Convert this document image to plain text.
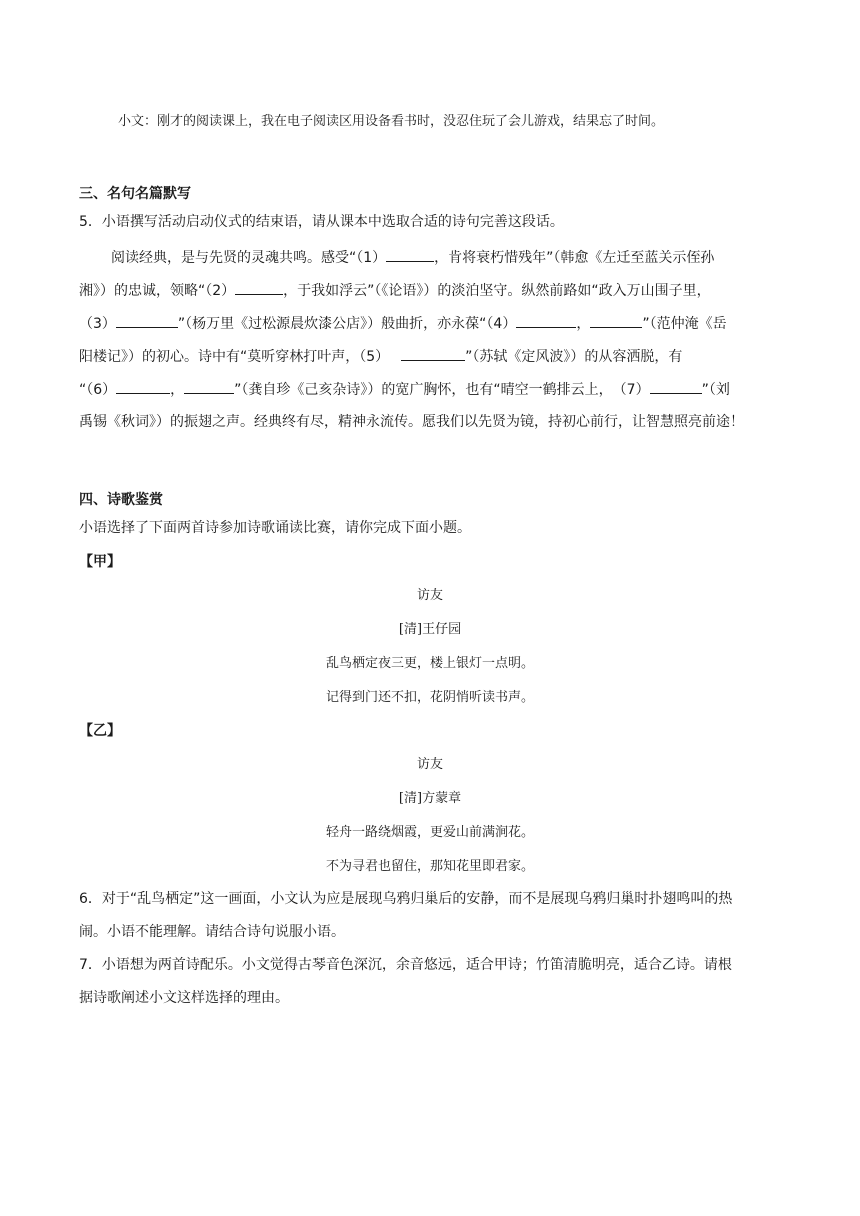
小文：刚才的阅读课上，我在电子阅读区用设备看书时，没忍住玩了会儿游戏，结果忘了时间。
三、名句名篇默写
5．小语撰写活动启动仪式的结束语，请从课本中选取合适的诗句完善这段话。
阅读经典，是与先贤的灵魂共鸣。感受“（1）	，肯将衰朽惜残年”（韩愈《左迁至蓝关示侄孙
湘》）的忠诚，领略“（2）	，于我如浮云”（《论语》）的淡泊坚守。纵然前路如“政入万山围子里，
（3）	”（杨万里《过松源晨炊漆公店》）般曲折，亦永葆“（4）	，	”（范仲淹《岳
阳楼记》）的初心。诗中有“莫听穿林打叶声，（5）	”（苏轼《定风波》）的从容洒脱，有
“（6）	，	”（龚自珍《己亥杂诗》）的宽广胸怀，也有“晴空一鹤排云上，　（7）	”（刘
禹锡《秋词》）的振翅之声。经典终有尽，精神永流传。愿我们以先贤为镜，持初心前行，让智慧照亮前途！
四、诗歌鉴赏
小语选择了下面两首诗参加诗歌诵读比赛，请你完成下面小题。
【甲】
访友
[清]王仔园
乱鸟栖定夜三更，楼上银灯一点明。
记得到门还不扣，花阴悄听读书声。
【乙】
访友
[清]方蒙章
轻舟一路绕烟霞，更爱山前满涧花。
不为寻君也留住，那知花里即君家。
6．对于“乱鸟栖定”这一画面，小文认为应是展现乌鸦归巢后的安静，而不是展现乌鸦归巢时扑翅鸣叫的热
闹。小语不能理解。请结合诗句说服小语。
7．小语想为两首诗配乐。小文觉得古琴音色深沉，余音悠远，适合甲诗；竹笛清脆明亮，适合乙诗。请根
据诗歌阐述小文这样选择的理由。
